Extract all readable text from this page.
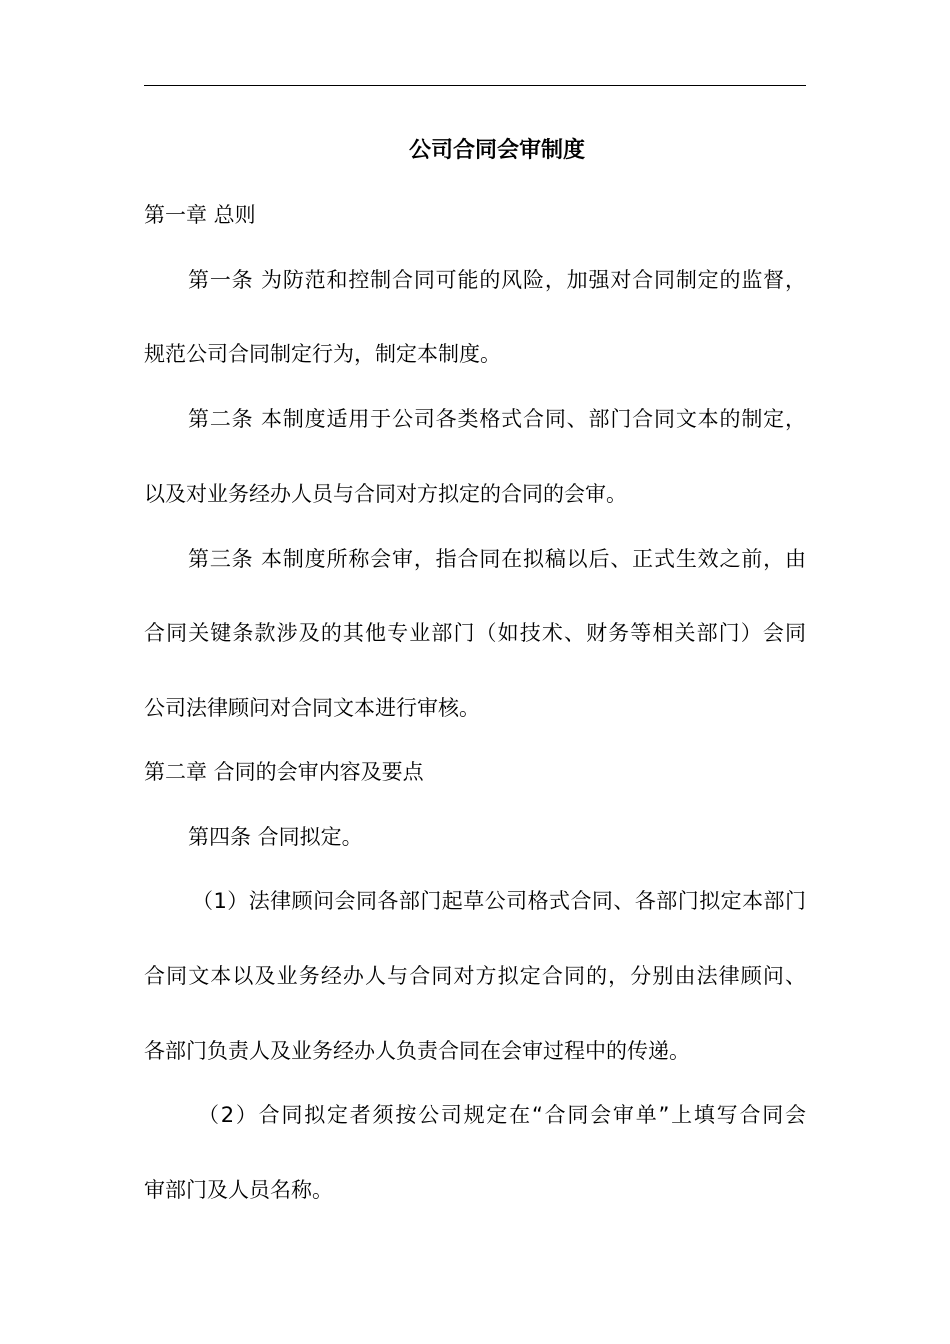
公司合同会审制度
第一章 总则
第一条 为防范和控制合同可能的风险，加强对合同制定的监督，
规范公司合同制定行为，制定本制度。
第二条 本制度适用于公司各类格式合同、部门合同文本的制定，
以及对业务经办人员与合同对方拟定的合同的会审。
第三条 本制度所称会审，指合同在拟稿以后、正式生效之前，由
合同关键条款涉及的其他专业部门（如技术、财务等相关部门）会同
公司法律顾问对合同文本进行审核。
第二章 合同的会审内容及要点
第四条 合同拟定。
（1）法律顾问会同各部门起草公司格式合同、各部门拟定本部门
合同文本以及业务经办人与合同对方拟定合同的，分别由法律顾问、
各部门负责人及业务经办人负责合同在会审过程中的传递。
（2）合同拟定者须按公司规定在“合同会审单”上填写合同会
审部门及人员名称。
